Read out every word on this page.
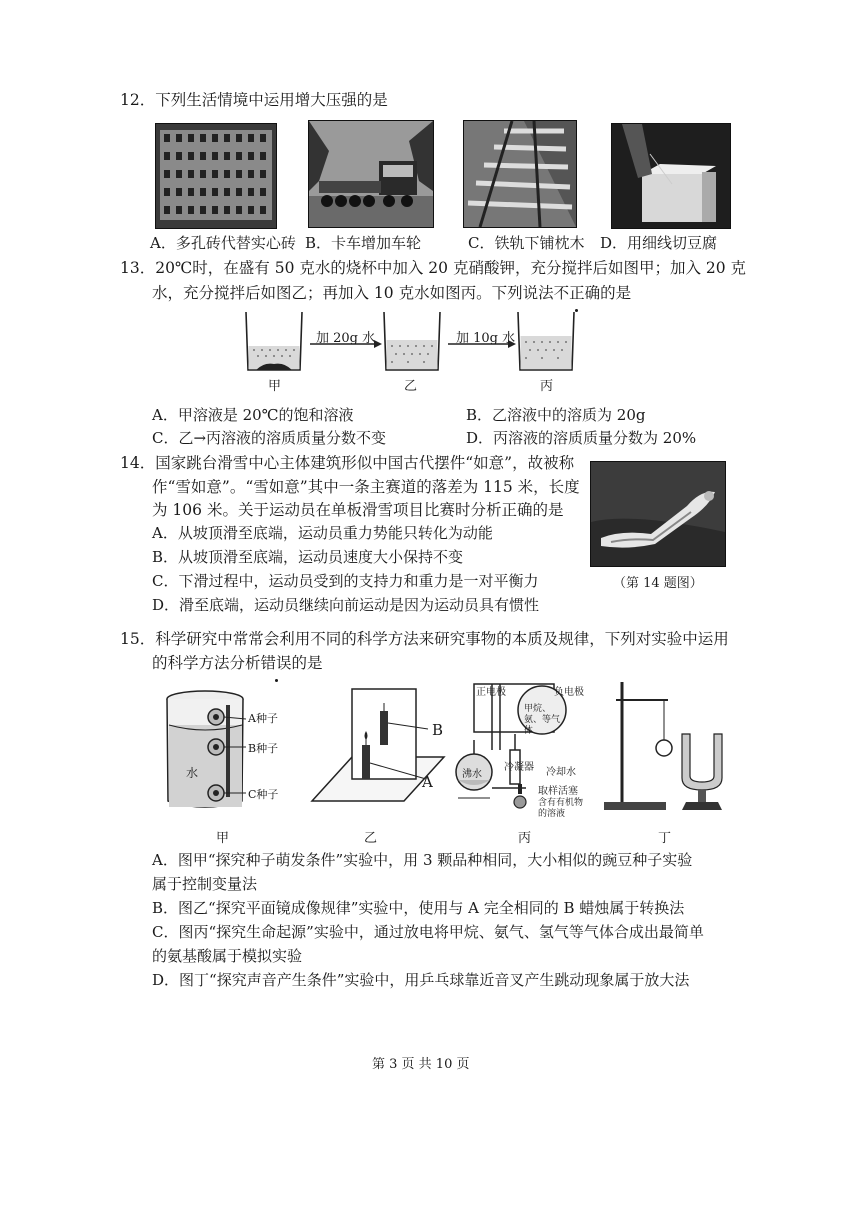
12．下列生活情境中运用增大压强的是
A．多孔砖代替实心砖 B．卡车增加车轮	C．铁轨下铺枕木 D．用细线切豆腐
13．20℃时，在盛有 50 克水的烧杯中加入 20 克硝酸钾，充分搅拌后如图甲；加入 20 克
水，充分搅拌后如图乙；再加入 10 克水如图丙。下列说法不正确的是
加 20g 水	加 10g 水
甲	乙	丙
A．甲溶液是 20℃的饱和溶液	B．乙溶液中的溶质为 20g
C．乙→丙溶液的溶质质量分数不变	D．丙溶液的溶质质量分数为 20%
14．国家跳台滑雪中心主体建筑形似中国古代摆件“如意”，故被称
作“雪如意”。“雪如意”其中一条主赛道的落差为 115 米，长度
为 106 米。关于运动员在单板滑雪项目比赛时分析正确的是
A．从坡顶滑至底端，运动员重力势能只转化为动能
B．从坡顶滑至底端，运动员速度大小保持不变
C．下滑过程中，运动员受到的支持力和重力是一对平衡力
D．滑至底端，运动员继续向前运动是因为运动员具有惯性
（第 14 题图）
15．科学研究中常常会利用不同的科学方法来研究事物的本质及规律，下列对实验中运用
的科学方法分析错误的是
A种子
B种子
C种子
水
甲
B
A
乙
正电极	负电极
甲烷、氨、等气体
沸水
冷凝器 冷却水
取样活塞
含有有机物的溶液
丙	丁
A．图甲“探究种子萌发条件”实验中，用 3 颗品种相同，大小相似的豌豆种子实验
属于控制变量法
B．图乙“探究平面镜成像规律”实验中，使用与 A 完全相同的 B 蜡烛属于转换法
C．图丙“探究生命起源”实验中，通过放电将甲烷、氨气、氢气等气体合成出最简单
的氨基酸属于模拟实验
D．图丁“探究声音产生条件”实验中，用乒乓球靠近音叉产生跳动现象属于放大法
第 3 页 共 10 页
